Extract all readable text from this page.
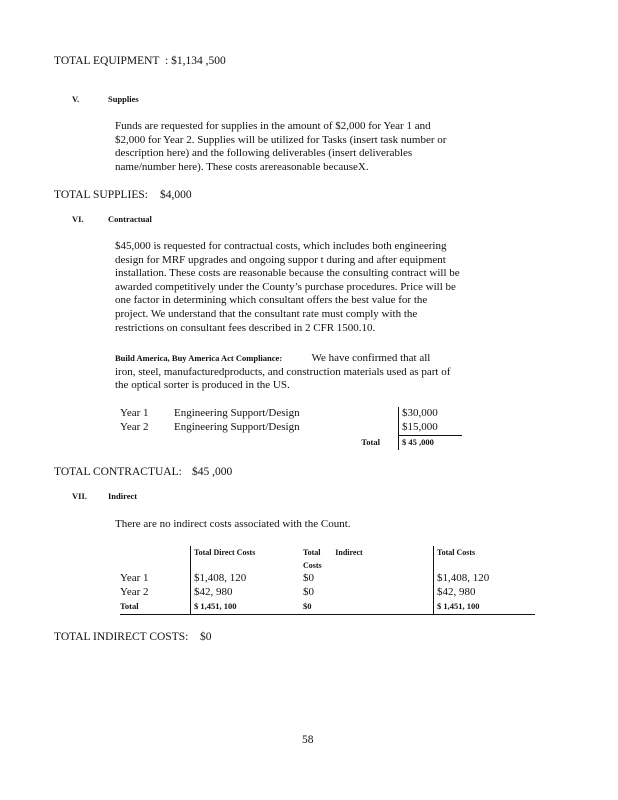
TOTAL EQUIPMENT : $1,134 ,500
V.	Supplies
Funds are requested for supplies in the amount of $2,000 for Year 1 and
$2,000 for Year 2. Supplies will be utilized for Tasks (insert task number or
description here) and the following deliverables (insert deliverables
name/number here). These costs arereasonable becauseX.
TOTAL SUPPLIES: $4,000
VI.	Contractual
$45,000 is requested for contractual costs, which includes both engineering
design for MRF upgrades and ongoing suppor t during and after equipment
installation. These costs are reasonable because the consulting contract will be
awarded competitively under the County’s purchase procedures. Price will be
one factor in determining which consultant offers the best value for the
project. We understand that the consultant rate must comply with the
restrictions on consultant fees described in 2 CFR 1500.10.
Build America, Buy America Act Compliance:	We have confirmed that all
iron, steel, manufacturedproducts, and construction materials used as part of
the optical sorter is produced in the US.
Year 1	Engineering Support/Design		$30,000
Year 2	Engineering Support/Design		$15,000
	Total		$ 45 ,000
TOTAL CONTRACTUAL: $45 ,000
VII. Indirect
There are no indirect costs associated with the Count.
	Total Direct Costs	Total Indirect
Costs	Total Costs
Year 1	$1,408, 120	$0	$1,408, 120
Year 2	$42, 980	$0	$42, 980
Total	$ 1,451, 100	$0	$ 1,451, 100
TOTAL INDIRECT COSTS: $0
58
